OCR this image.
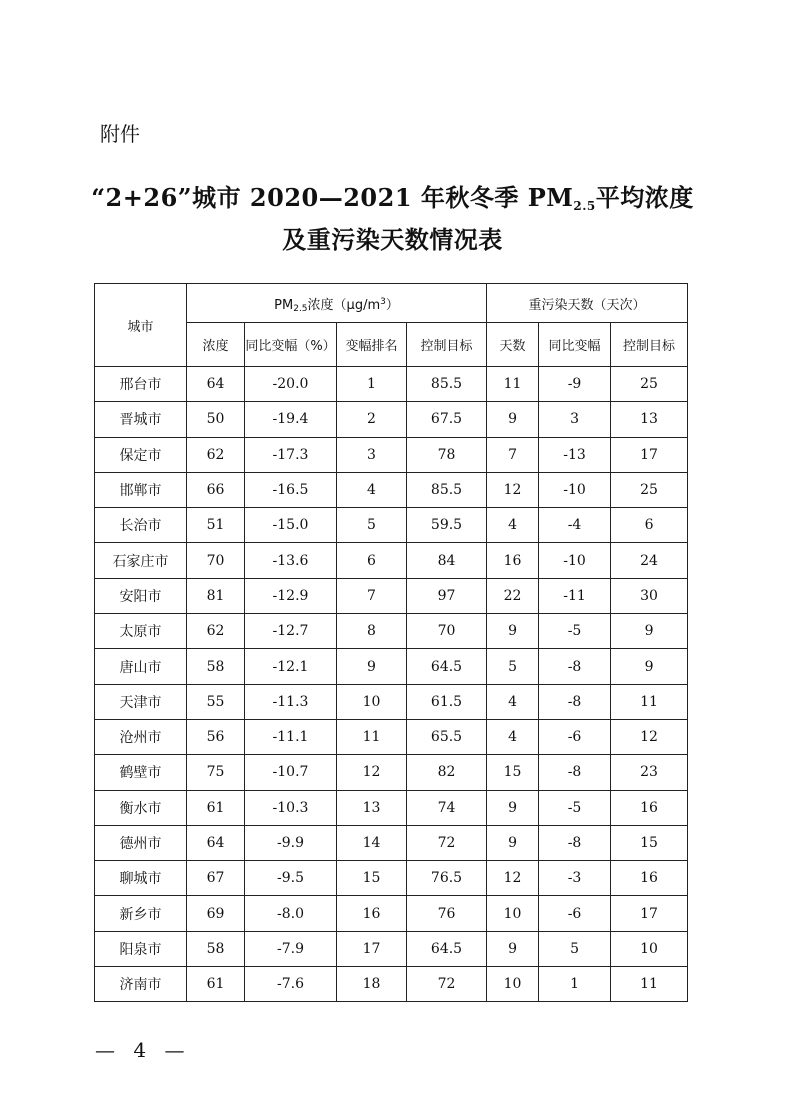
附件
“2+26”城市 2020—2021 年秋冬季 $PM_{2.5}$平均浓度
及重污染天数情况表
城市	PM2.5浓度$(\mu g/m^3)$				重污染天数（天次）		
	浓度	同比变幅（%）	变幅排名	控制目标	天数	同比变幅	控制目标
邢台市	64	-20.0	1	85.5	11	-9	25
晋城市	50	-19.4	2	67.5	9	3	13
保定市	62	-17.3	3	78	7	-13	17
邯郸市	66	-16.5	4	85.5	12	-10	25
长治市	51	-15.0	5	59.5	4	-4	6
石家庄市	70	-13.6	6	84	16	-10	24
安阳市	81	-12.9	7	97	22	-11	30
太原市	62	-12.7	8	70	9	-5	9
唐山市	58	-12.1	9	64.5	5	-8	9
天津市	55	-11.3	10	61.5	4	-8	11
沧州市	56	-11.1	11	65.5	4	-6	12
鹤壁市	75	-10.7	12	82	15	-8	23
衡水市	61	-10.3	13	74	9	-5	16
德州市	64	-9.9	14	72	9	-8	15
聊城市	67	-9.5	15	76.5	12	-3	16
新乡市	69	-8.0	16	76	10	-6	17
阳泉市	58	-7.9	17	64.5	9	5	10
济南市	61	-7.6	18	72	10	1	11
— 4 —
